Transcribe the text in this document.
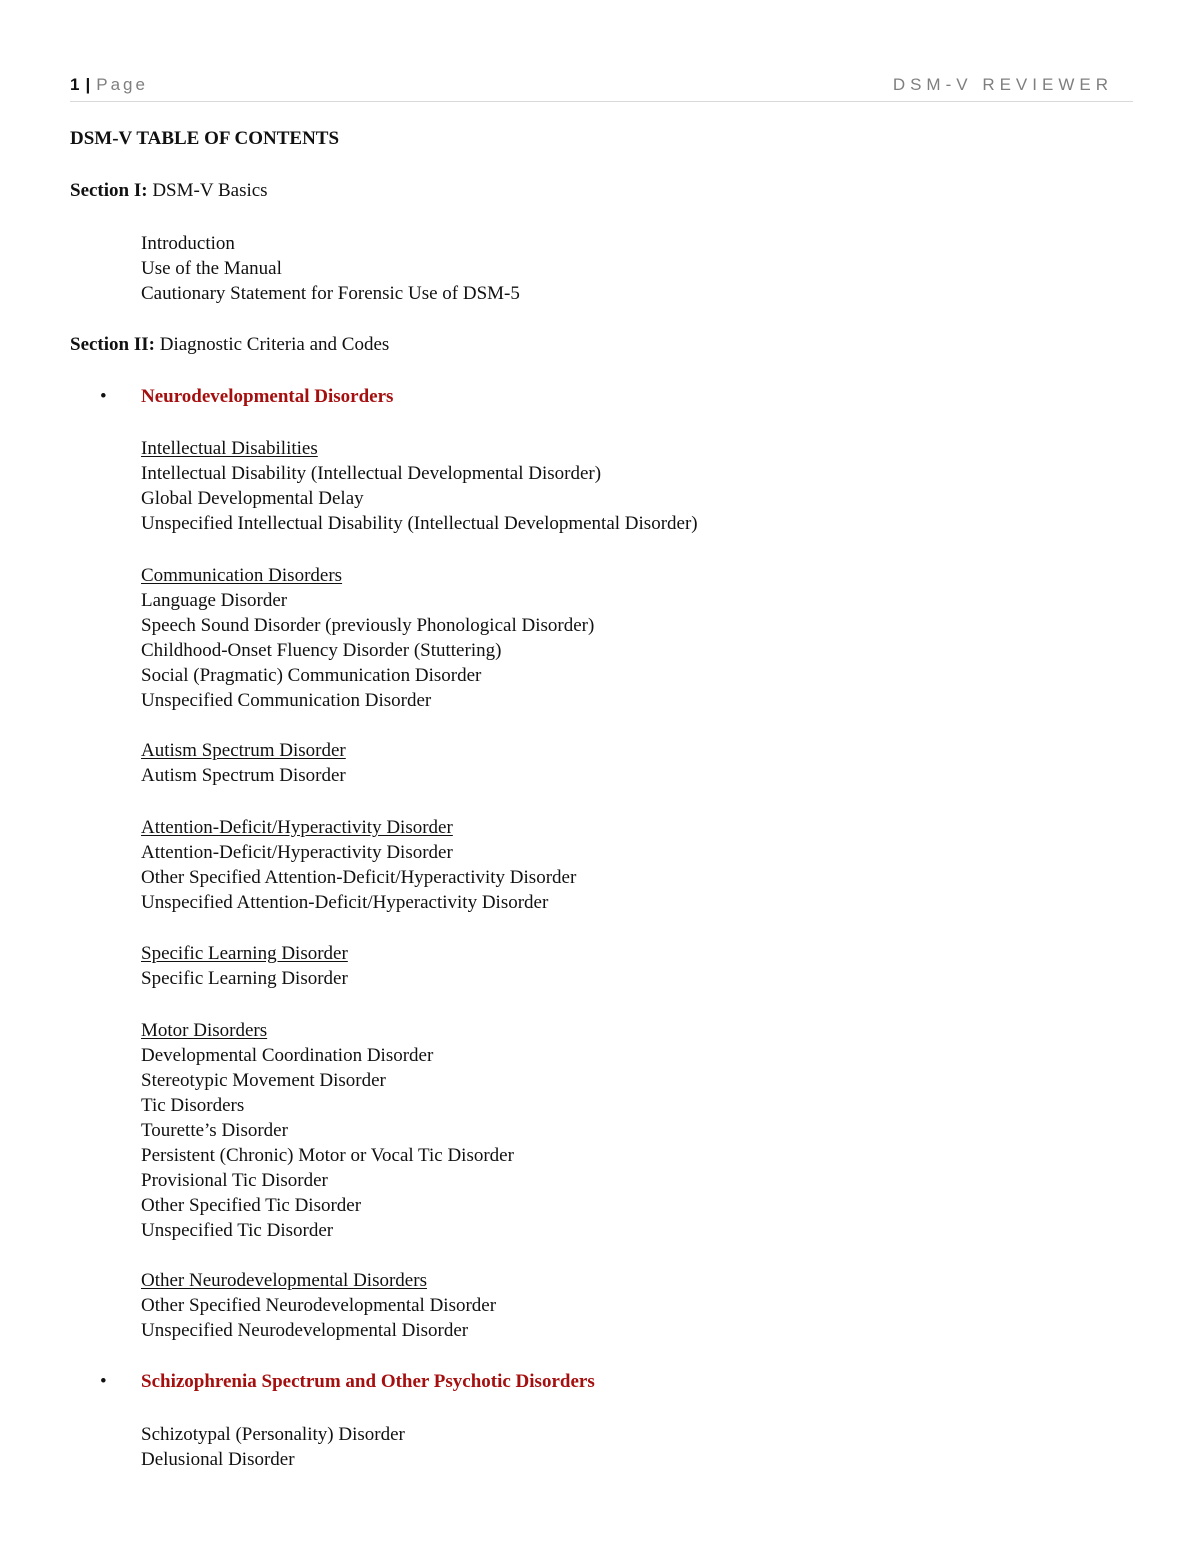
1 | Page	DSM-V REVIEWER
DSM-V TABLE OF CONTENTS
Section I: DSM-V Basics
Introduction
Use of the Manual
Cautionary Statement for Forensic Use of DSM-5
Section II: Diagnostic Criteria and Codes
• Neurodevelopmental Disorders
Intellectual Disabilities
Intellectual Disability (Intellectual Developmental Disorder)
Global Developmental Delay
Unspecified Intellectual Disability (Intellectual Developmental Disorder)
Communication Disorders
Language Disorder
Speech Sound Disorder (previously Phonological Disorder)
Childhood-Onset Fluency Disorder (Stuttering)
Social (Pragmatic) Communication Disorder
Unspecified Communication Disorder
Autism Spectrum Disorder
Autism Spectrum Disorder
Attention-Deficit/Hyperactivity Disorder
Attention-Deficit/Hyperactivity Disorder
Other Specified Attention-Deficit/Hyperactivity Disorder
Unspecified Attention-Deficit/Hyperactivity Disorder
Specific Learning Disorder
Specific Learning Disorder
Motor Disorders
Developmental Coordination Disorder
Stereotypic Movement Disorder
Tic Disorders
Tourette’s Disorder
Persistent (Chronic) Motor or Vocal Tic Disorder
Provisional Tic Disorder
Other Specified Tic Disorder
Unspecified Tic Disorder
Other Neurodevelopmental Disorders
Other Specified Neurodevelopmental Disorder
Unspecified Neurodevelopmental Disorder
• Schizophrenia Spectrum and Other Psychotic Disorders
Schizotypal (Personality) Disorder
Delusional Disorder
